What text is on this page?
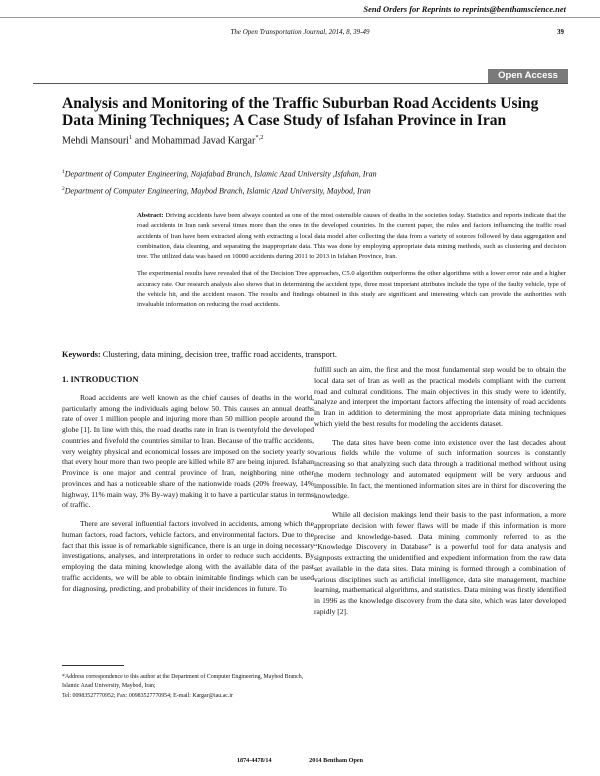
Send Orders for Reprints to reprints@benthamscience.net
The Open Transportation Journal, 2014, 8, 39-49	39
Open Access
Analysis and Monitoring of the Traffic Suburban Road Accidents Using Data Mining Techniques; A Case Study of Isfahan Province in Iran
Mehdi Mansouri$^1$ and Mohammad Javad Kargar$^{*,2}$
$^1$Department of Computer Engineering, Najafabad Branch, Islamic Azad University ,Isfahan, Iran
$^2$Department of Computer Engineering, Maybod Branch, Islamic Azad University, Maybod, Iran

Abstract: Driving accidents have been always counted as one of the most ostensible causes of deaths in the societies today. Statistics and reports indicate that the road accidents in Iran rank several times more than the ones in the developed countries. In the current paper, the rules and factors influencing the traffic road accidents of Iran have been extracted along with extracting a local data model after collecting the data from a variety of sources followed by data aggregation and combination, data cleaning, and separating the inappropriate data. This was done by employing appropriate data mining methods, such as clustering and decision tree. The utilized data was based on 10000 accidents during 2011 to 2013 in Isfahan Province, Iran.

The experimental results have revealed that of the Decision Tree approaches, C5.0 algorithm outperforms the other algorithms with a lower error rate and a higher accuracy rate. Our research analysis also shows that in determining the accident type, three most important attributes include the type of the faulty vehicle, type of the vehicle hit, and the accident reason. The results and findings obtained in this study are significant and interesting which can provide the authorities with invaluable information on reducing the road accidents.

Keywords: Clustering, data mining, decision tree, traffic road accidents, transport.

1. INTRODUCTION

Road accidents are well known as the chief causes of deaths in the world, particularly among the individuals aging below 50. This causes an annual deaths rate of over 1 million people and injuring more than 50 million people around the globe [1]. In line with this, the road deaths rate in Iran is twentyfold the developed countries and fivefold the countries similar to Iran. Because of the traffic accidents, very weighty physical and economical losses are imposed on the society yearly so that every hour more than two people are killed while 87 are being injured. Isfahan Province is one major and central province of Iran, neighboring nine other provinces and has a noticeable share of the nationwide roads (20% freeway, 14% highway, 11% main way, 3% By-way) making it to have a particular status in terms of traffic.

There are several influential factors involved in accidents, among which the human factors, road factors, vehicle factors, and environmental factors. Due to the fact that this issue is of remarkable significance, there is an urge in doing necessary investigations, analyses, and interpretations in order to reduce such accidents. By employing the data mining knowledge along with the available data of the past traffic accidents, we will be able to obtain inimitable findings which can be used for diagnosing, predicting, and probability of their incidences in future. To

fulfill such an aim, the first and the most fundamental step would be to obtain the local data set of Iran as well as the practical models compliant with the current road and cultural conditions. The main objectives in this study were to identify, analyze and interpret the important factors affecting the intensity of road accidents in Iran in addition to determining the most appropriate data mining techniques which yield the best results for modeling the accidents dataset.

The data sites have been come into existence over the last decades about various fields while the volume of such information sources is constantly increasing so that analyzing such data through a traditional method without using the modern technology and automated equipment will be very arduous and impossible. In fact, the mentioned information sites are in thirst for discovering the knowledge.

While all decision makings lend their basis to the past information, a more appropriate decision with fewer flaws will be made if this information is more precise and knowledge-based. Data mining commonly referred to as the “Knowledge Discovery in Database” is a powerful tool for data analysis and signposts extracting the unidentified and expedient information from the raw data set available in the data sites. Data mining is formed through a combination of various disciplines such as artificial intelligence, data site management, machine learning, mathematical algorithms, and statistics. Data mining was firstly identified in 1996 as the knowledge discovery from the data site, which was later developed rapidly [2].

*Address correspondence to this author at the Department of Computer Engineering, Maybod Branch, Islamic Azad University, Maybod, Iran;
Tel: 00983527770952; Fax: 00983527770954; E-mail: Kargar@iau.ac.ir
1874-4478/14	2014 Bentham Open
